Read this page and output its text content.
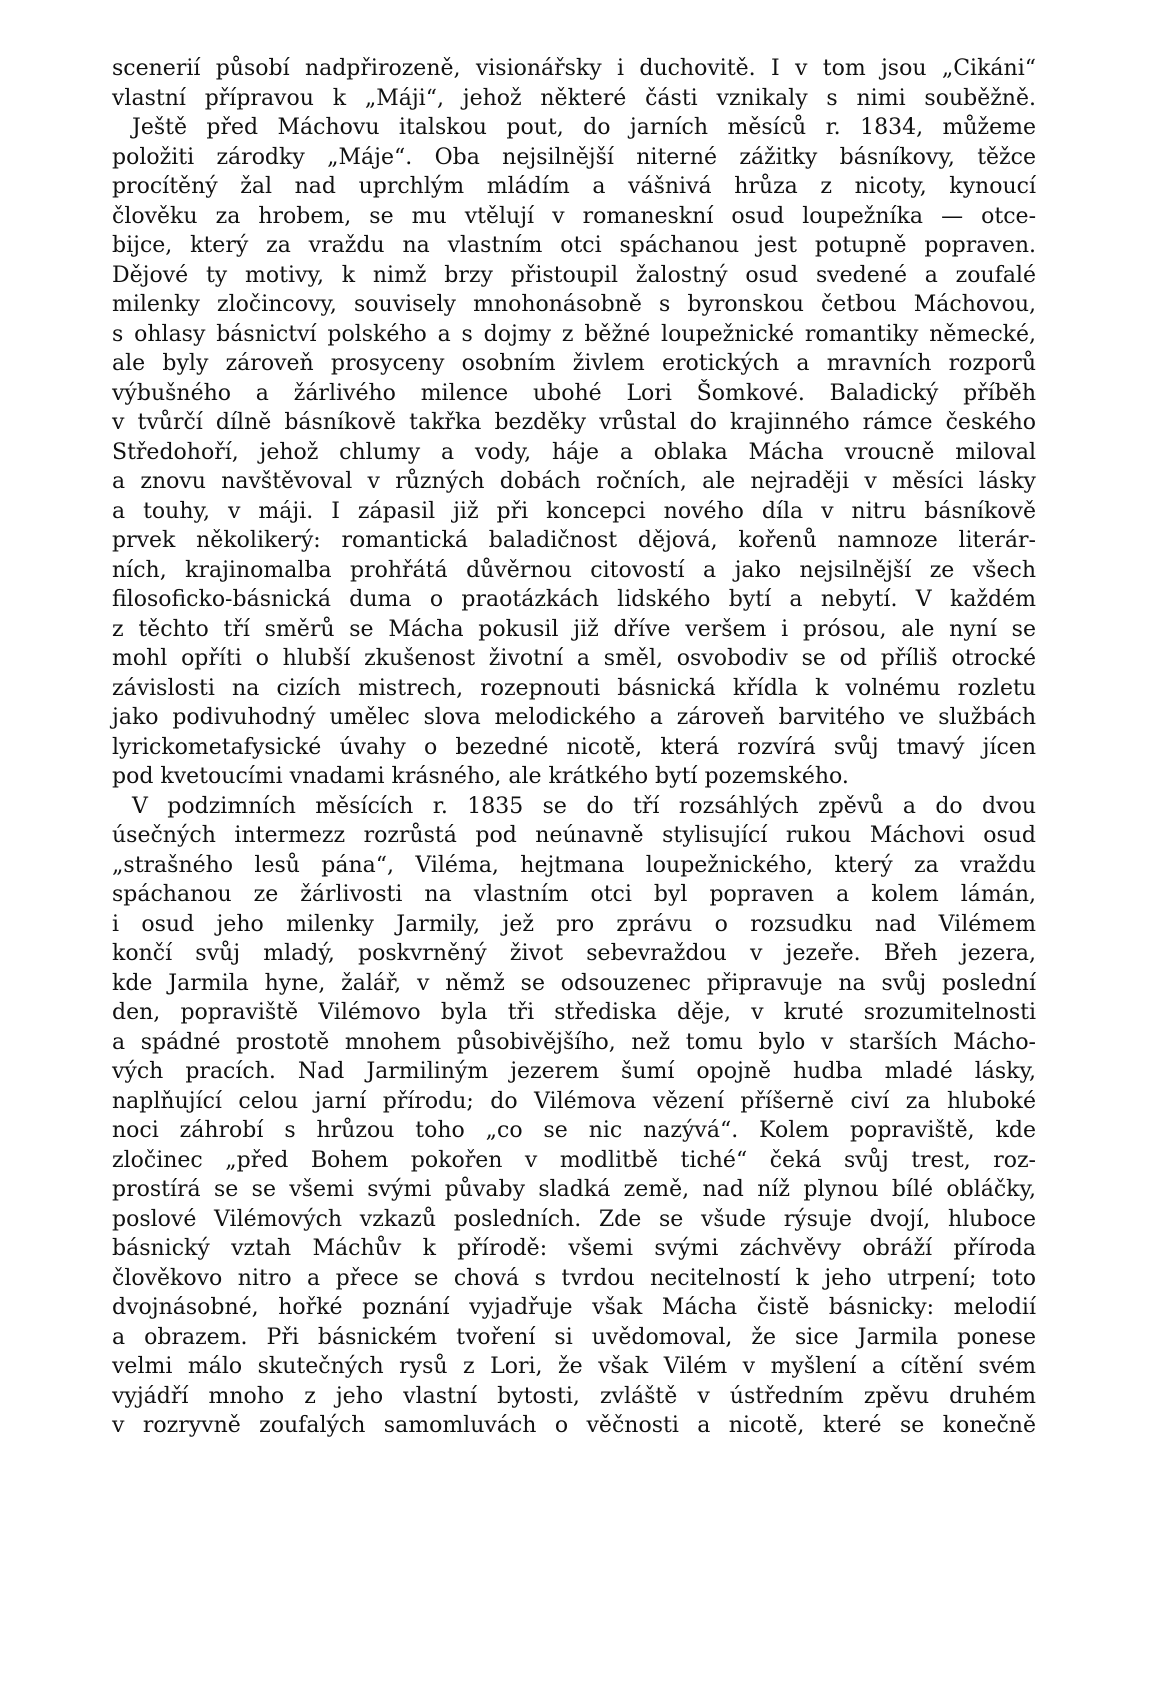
scenerií působí nadpřirozeně, visionářsky i duchovitě. I v tom jsou „Cikáni“
vlastní přípravou k „Máji“, jehož některé části vznikaly s nimi souběžně.
Ještě před Máchovu italskou pout, do jarních měsíců r. 1834, můžeme
položiti zárodky „Máje“. Oba nejsilnější niterné zážitky básníkovy, těžce
procítěný žal nad uprchlým mládím a vášnivá hrůza z nicoty, kynoucí
člověku za hrobem, se mu vtělují v romaneskní osud loupežníka — otce-
bijce, který za vraždu na vlastním otci spáchanou jest potupně popraven.
Dějové ty motivy, k nimž brzy přistoupil žalostný osud svedené a zoufalé
milenky zločincovy, souvisely mnohonásobně s byronskou četbou Máchovou,
s ohlasy básnictví polského a s dojmy z běžné loupežnické romantiky německé,
ale byly zároveň prosyceny osobním živlem erotických a mravních rozporů
výbušného a žárlivého milence ubohé Lori Šomkové. Baladický příběh
v tvůrčí dílně básníkově takřka bezděky vrůstal do krajinného rámce českého
Středohoří, jehož chlumy a vody, háje a oblaka Mácha vroucně miloval
a znovu navštěvoval v různých dobách ročních, ale nejraději v měsíci lásky
a touhy, v máji. I zápasil již při koncepci nového díla v nitru básníkově
prvek několikerý: romantická baladičnost dějová, kořenů namnoze literár-
ních, krajinomalba prohřátá důvěrnou citovostí a jako nejsilnější ze všech
filosoficko-básnická duma o praotázkách lidského bytí a nebytí. V každém
z těchto tří směrů se Mácha pokusil již dříve veršem i prósou, ale nyní se
mohl opříti o hlubší zkušenost životní a směl, osvobodiv se od příliš otrocké
závislosti na cizích mistrech, rozepnouti básnická křídla k volnému rozletu
jako podivuhodný umělec slova melodického a zároveň barvitého ve službách
lyrickometafysické úvahy o bezedné nicotě, která rozvírá svůj tmavý jícen
pod kvetoucími vnadami krásného, ale krátkého bytí pozemského.
V podzimních měsících r. 1835 se do tří rozsáhlých zpěvů a do dvou
úsečných intermezz rozrůstá pod neúnavně stylisující rukou Máchovi osud
„strašného lesů pána“, Viléma, hejtmana loupežnického, který za vraždu
spáchanou ze žárlivosti na vlastním otci byl popraven a kolem lámán,
i osud jeho milenky Jarmily, jež pro zprávu o rozsudku nad Vilémem
končí svůj mladý, poskvrněný život sebevraždou v jezeře. Břeh jezera,
kde Jarmila hyne, žalář, v němž se odsouzenec připravuje na svůj poslední
den, popraviště Vilémovo byla tři střediska děje, v kruté srozumitelnosti
a spádné prostotě mnohem působivějšího, než tomu bylo v starších Mácho-
vých pracích. Nad Jarmiliným jezerem šumí opojně hudba mladé lásky,
naplňující celou jarní přírodu; do Vilémova vězení příšerně civí za hluboké
noci záhrobí s hrůzou toho „co se nic nazývá“. Kolem popraviště, kde
zločinec „před Bohem pokořen v modlitbě tiché“ čeká svůj trest, roz-
prostírá se se všemi svými půvaby sladká země, nad níž plynou bílé obláčky,
poslové Vilémových vzkazů posledních. Zde se všude rýsuje dvojí, hluboce
básnický vztah Máchův k přírodě: všemi svými záchvěvy obráží příroda
člověkovo nitro a přece se chová s tvrdou necitelností k jeho utrpení; toto
dvojnásobné, hořké poznání vyjadřuje však Mácha čistě básnicky: melodií
a obrazem. Při básnickém tvoření si uvědomoval, že sice Jarmila ponese
velmi málo skutečných rysů z Lori, že však Vilém v myšlení a cítění svém
vyjádří mnoho z jeho vlastní bytosti, zvláště v ústředním zpěvu druhém
v rozryvně zoufalých samomluvách o věčnosti a nicotě, které se konečně
